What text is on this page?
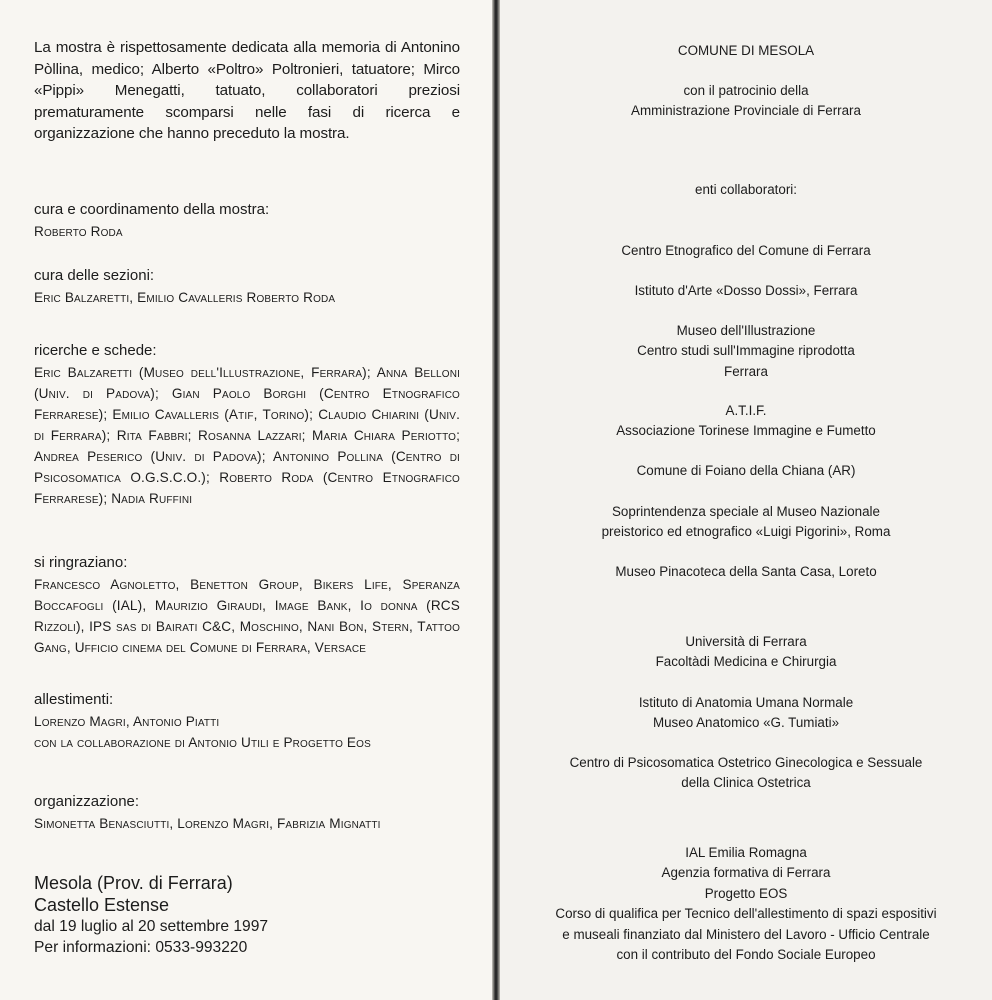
La mostra è rispettosamente dedicata alla memoria di Antonino Pòllina, medico; Alberto «Poltro» Poltronieri, tatuatore; Mirco «Pippi» Menegatti, tatuato, collaboratori preziosi prematuramente scomparsi nelle fasi di ricerca e organizzazione che hanno preceduto la mostra.
cura e coordinamento della mostra:
Roberto Roda
cura delle sezioni:
Eric Balzaretti, Emilio Cavalleris Roberto Roda
ricerche e schede:
Eric Balzaretti (Museo dell'Illustrazione, Ferrara); Anna Belloni (Univ. di Padova); Gian Paolo Borghi (Centro Etnografico Ferrarese); Emilio Cavalleris (Atif, Torino); Claudio Chiarini (Univ. di Ferrara); Rita Fabbri; Rosanna Lazzari; Maria Chiara Periotto; Andrea Peserico (Univ. di Padova); Antonino Pollina (Centro di Psicosomatica O.G.S.C.O.); Roberto Roda (Centro Etnografico Ferrarese); Nadia Ruffini
si ringraziano:
Francesco Agnoletto, Benetton Group, Bikers Life, Speranza Boccafogli (IAL), Maurizio Giraudi, Image Bank, Io donna (RCS Rizzoli), IPS sas di Bairati C&C, Moschino, Nani Bon, Stern, Tattoo Gang, Ufficio cinema del Comune di Ferrara, Versace
allestimenti:
Lorenzo Magri, Antonio Piatti
con la collaborazione di Antonio Utili e Progetto Eos
organizzazione:
Simonetta Benasciutti, Lorenzo Magri, Fabrizia Mignatti
Mesola (Prov. di Ferrara)
Castello Estense
dal 19 luglio al 20 settembre 1997
Per informazioni: 0533-993220
COMUNE DI MESOLA
con il patrocinio della
Amministrazione Provinciale di Ferrara
enti collaboratori:
Centro Etnografico del Comune di Ferrara
Istituto d'Arte «Dosso Dossi», Ferrara
Museo dell'Illustrazione
Centro studi sull'Immagine riprodotta
Ferrara
A.T.I.F.
Associazione Torinese Immagine e Fumetto
Comune di Foiano della Chiana (AR)
Soprintendenza speciale al Museo Nazionale
preistorico ed etnografico «Luigi Pigorini», Roma
Museo Pinacoteca della Santa Casa, Loreto
Università di Ferrara
Facoltàdi Medicina e Chirurgia
Istituto di Anatomia Umana Normale
Museo Anatomico «G. Tumiati»
Centro di Psicosomatica Ostetrico Ginecologica e Sessuale
della Clinica Ostetrica
IAL Emilia Romagna
Agenzia formativa di Ferrara
Progetto EOS
Corso di qualifica per Tecnico dell'allestimento di spazi espositivi
e museali finanziato dal Ministero del Lavoro - Ufficio Centrale
con il contributo del Fondo Sociale Europeo
